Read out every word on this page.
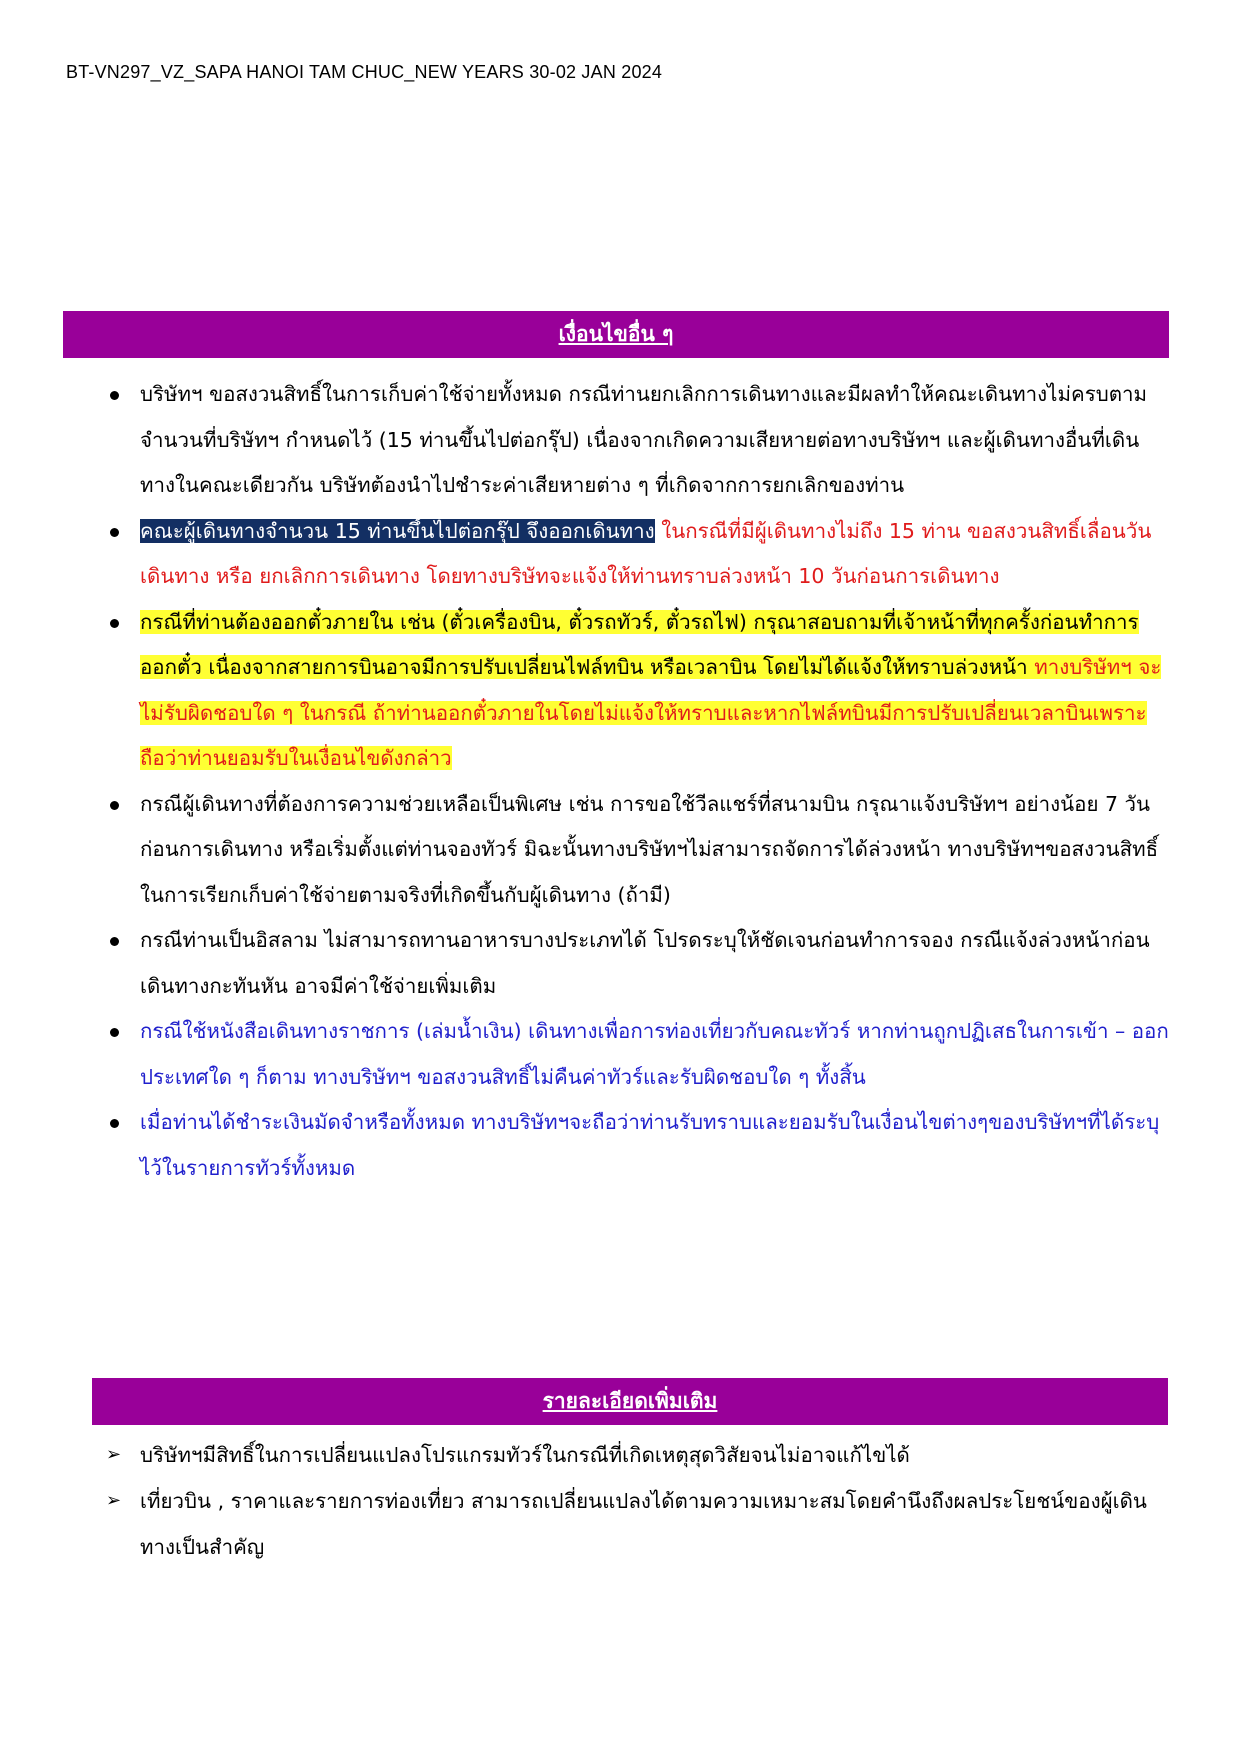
BT-VN297_VZ_SAPA HANOI TAM CHUC_NEW YEARS 30-02 JAN 2024
เงื่อนไขอื่น ๆ
บริษัทฯ ขอสงวนสิทธิ์ในการเก็บค่าใช้จ่ายทั้งหมด กรณีท่านยกเลิกการเดินทางและมีผลทำให้คณะเดินทางไม่ครบตามจำนวนที่บริษัทฯ กำหนดไว้ (15 ท่านขึ้นไปต่อกรุ๊ป) เนื่องจากเกิดความเสียหายต่อทางบริษัทฯ และผู้เดินทางอื่นที่เดินทางในคณะเดียวกัน บริษัทต้องนำไปชำระค่าเสียหายต่าง ๆ ที่เกิดจากการยกเลิกของท่าน
คณะผู้เดินทางจำนวน 15 ท่านขึ้นไปต่อกรุ๊ป จึงออกเดินทาง ในกรณีที่มีผู้เดินทางไม่ถึง 15 ท่าน ขอสงวนสิทธิ์เลื่อนวันเดินทาง หรือ ยกเลิกการเดินทาง โดยทางบริษัทจะแจ้งให้ท่านทราบล่วงหน้า 10 วันก่อนการเดินทาง
กรณีที่ท่านต้องออกตั๋วภายใน เช่น (ตั๋วเครื่องบิน, ตั๋วรถทัวร์, ตั๋วรถไฟ) กรุณาสอบถามที่เจ้าหน้าที่ทุกครั้งก่อนทำการออกตั๋ว เนื่องจากสายการบินอาจมีการปรับเปลี่ยนไฟล์ทบิน หรือเวลาบิน โดยไม่ได้แจ้งให้ทราบล่วงหน้า ทางบริษัทฯ จะไม่รับผิดชอบใด ๆ ในกรณี ถ้าท่านออกตั๋วภายในโดยไม่แจ้งให้ทราบและหากไฟล์ทบินมีการปรับเปลี่ยนเวลาบินเพราะถือว่าท่านยอมรับในเงื่อนไขดังกล่าว
กรณีผู้เดินทางที่ต้องการความช่วยเหลือเป็นพิเศษ เช่น การขอใช้วีลแชร์ที่สนามบิน กรุณาแจ้งบริษัทฯ อย่างน้อย 7 วันก่อนการเดินทาง หรือเริ่มตั้งแต่ท่านจองทัวร์ มิฉะนั้นทางบริษัทฯไม่สามารถจัดการได้ล่วงหน้า ทางบริษัทฯขอสงวนสิทธิ์ในการเรียกเก็บค่าใช้จ่ายตามจริงที่เกิดขึ้นกับผู้เดินทาง (ถ้ามี)
กรณีท่านเป็นอิสลาม ไม่สามารถทานอาหารบางประเภทได้ โปรดระบุให้ชัดเจนก่อนทำการจอง กรณีแจ้งล่วงหน้าก่อนเดินทางกะทันหัน อาจมีค่าใช้จ่ายเพิ่มเติม
กรณีใช้หนังสือเดินทางราชการ (เล่มน้ำเงิน) เดินทางเพื่อการท่องเที่ยวกับคณะทัวร์ หากท่านถูกปฏิเสธในการเข้า – ออกประเทศใด ๆ ก็ตาม ทางบริษัทฯ ขอสงวนสิทธิ์ไม่คืนค่าทัวร์และรับผิดชอบใด ๆ ทั้งสิ้น
เมื่อท่านได้ชำระเงินมัดจำหรือทั้งหมด ทางบริษัทฯจะถือว่าท่านรับทราบและยอมรับในเงื่อนไขต่างๆของบริษัทฯที่ได้ระบุไว้ในรายการทัวร์ทั้งหมด
รายละเอียดเพิ่มเติม
➢ บริษัทฯมีสิทธิ์ในการเปลี่ยนแปลงโปรแกรมทัวร์ในกรณีที่เกิดเหตุสุดวิสัยจนไม่อาจแก้ไขได้
➢ เที่ยวบิน , ราคาและรายการท่องเที่ยว สามารถเปลี่ยนแปลงได้ตามความเหมาะสมโดยคำนึงถึงผลประโยชน์ของผู้เดินทางเป็นสำคัญ
